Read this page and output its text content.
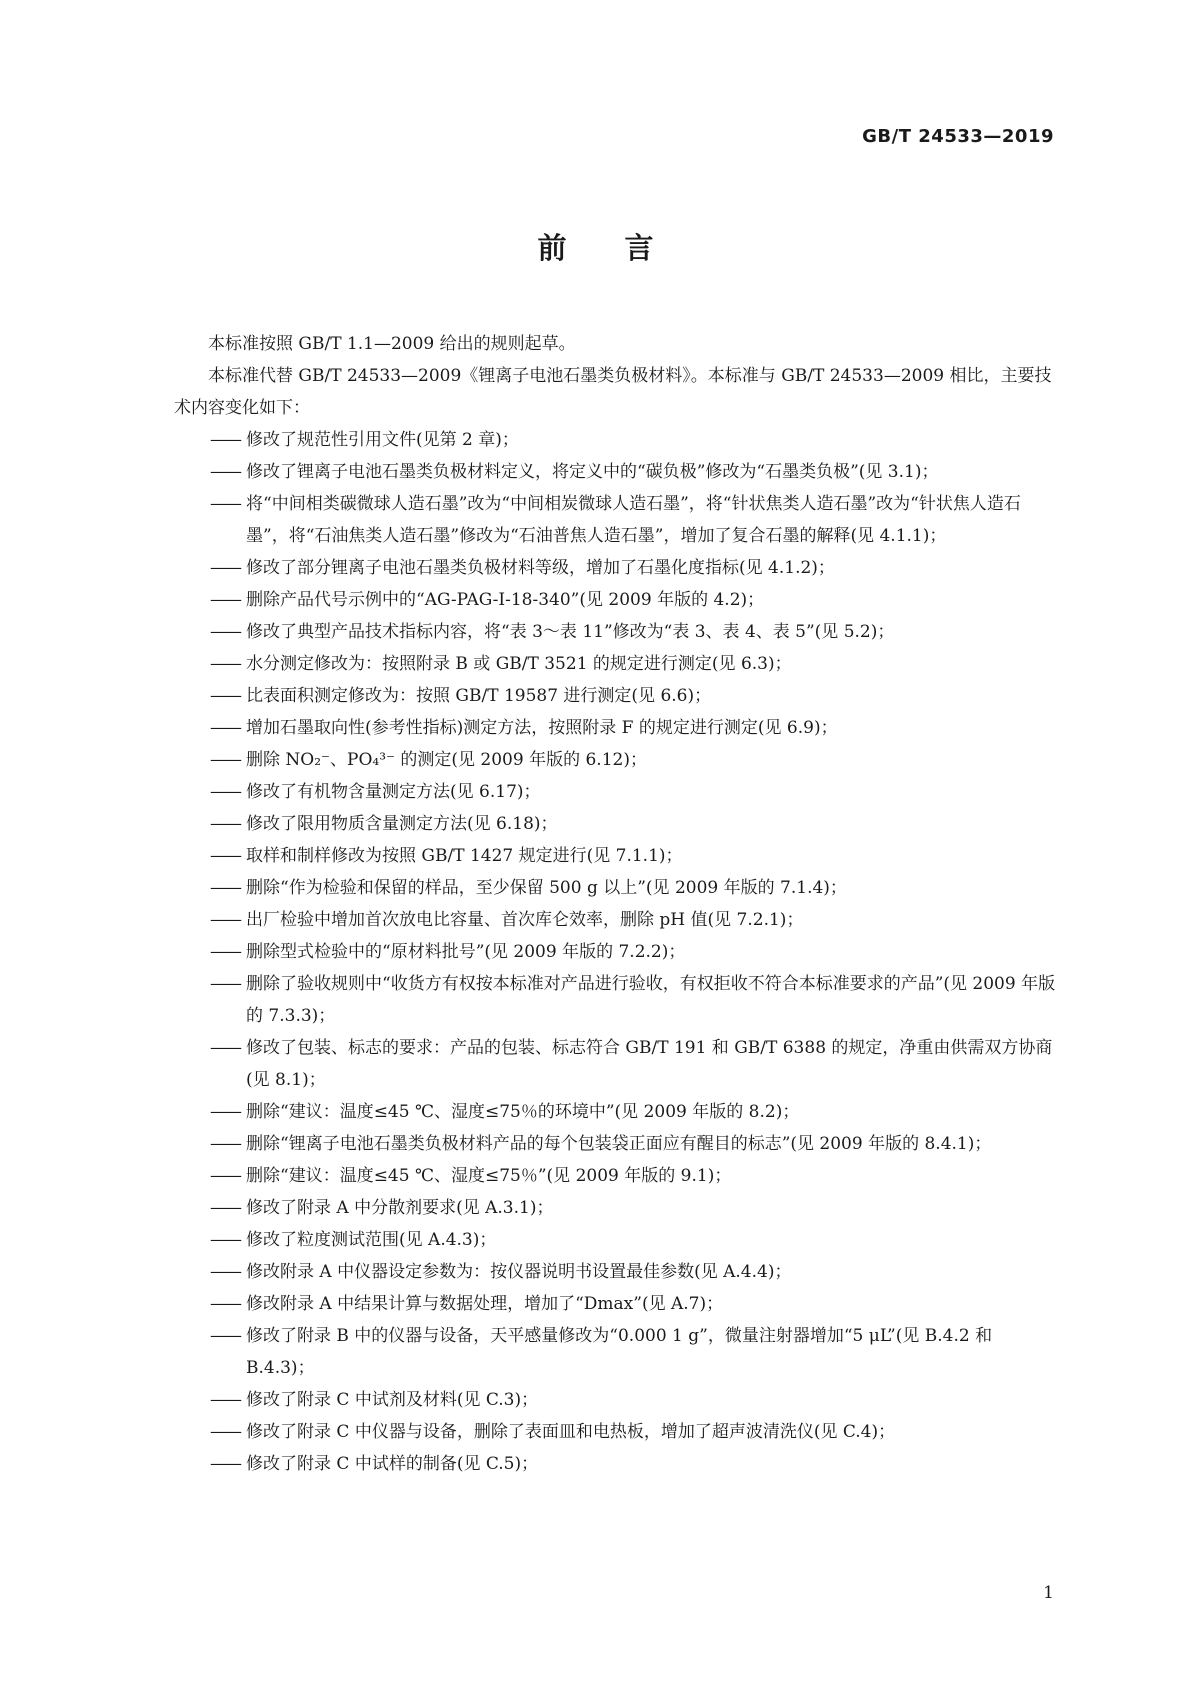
GB/T 24533—2019
前言

本标准按照 GB/T 1.1—2009 给出的规则起草。

本标准代替 GB/T 24533—2009《锂离子电池石墨类负极材料》。本标准与 GB/T 24533—2009 相比，主要技术内容变化如下：

—— 修改了规范性引用文件(见第 2 章)；
—— 修改了锂离子电池石墨类负极材料定义，将定义中的“碳负极”修改为“石墨类负极”(见 3.1)；
—— 将“中间相类碳微球人造石墨”改为“中间相炭微球人造石墨”，将“针状焦类人造石墨”改为“针状焦人造石墨”，将“石油焦类人造石墨”修改为“石油普焦人造石墨”，增加了复合石墨的解释(见 4.1.1)；
—— 修改了部分锂离子电池石墨类负极材料等级，增加了石墨化度指标(见 4.1.2)；
—— 删除产品代号示例中的“AG-PAG-Ⅰ-18-340”(见 2009 年版的 4.2)；
—— 修改了典型产品技术指标内容，将“表 3～表 11”修改为“表 3、表 4、表 5”(见 5.2)；
—— 水分测定修改为：按照附录 B 或 GB/T 3521 的规定进行测定(见 6.3)；
—— 比表面积测定修改为：按照 GB/T 19587 进行测定(见 6.6)；
—— 增加石墨取向性(参考性指标)测定方法，按照附录 F 的规定进行测定(见 6.9)；
—— 删除 NO₂⁻、PO₄³⁻ 的测定(见 2009 年版的 6.12)；
—— 修改了有机物含量测定方法(见 6.17)；
—— 修改了限用物质含量测定方法(见 6.18)；
—— 取样和制样修改为按照 GB/T 1427 规定进行(见 7.1.1)；
—— 删除“作为检验和保留的样品，至少保留 500 g 以上”(见 2009 年版的 7.1.4)；
—— 出厂检验中增加首次放电比容量、首次库仑效率，删除 pH 值(见 7.2.1)；
—— 删除型式检验中的“原材料批号”(见 2009 年版的 7.2.2)；
—— 删除了验收规则中“收货方有权按本标准对产品进行验收，有权拒收不符合本标准要求的产品”(见 2009 年版的 7.3.3)；
—— 修改了包装、标志的要求：产品的包装、标志符合 GB/T 191 和 GB/T 6388 的规定，净重由供需双方协商(见 8.1)；
—— 删除“建议：温度≤45 ℃、湿度≤75％的环境中”(见 2009 年版的 8.2)；
—— 删除“锂离子电池石墨类负极材料产品的每个包装袋正面应有醒目的标志”(见 2009 年版的 8.4.1)；
—— 删除“建议：温度≤45 ℃、湿度≤75％”(见 2009 年版的 9.1)；
—— 修改了附录 A 中分散剂要求(见 A.3.1)；
—— 修改了粒度测试范围(见 A.4.3)；
—— 修改附录 A 中仪器设定参数为：按仪器说明书设置最佳参数(见 A.4.4)；
—— 修改附录 A 中结果计算与数据处理，增加了“Dmax”(见 A.7)；
—— 修改了附录 B 中的仪器与设备，天平感量修改为“0.000 1 g”，微量注射器增加“5 μL”(见 B.4.2 和 B.4.3)；
—— 修改了附录 C 中试剂及材料(见 C.3)；
—— 修改了附录 C 中仪器与设备，删除了表面皿和电热板，增加了超声波清洗仪(见 C.4)；
—— 修改了附录 C 中试样的制备(见 C.5)；
1
